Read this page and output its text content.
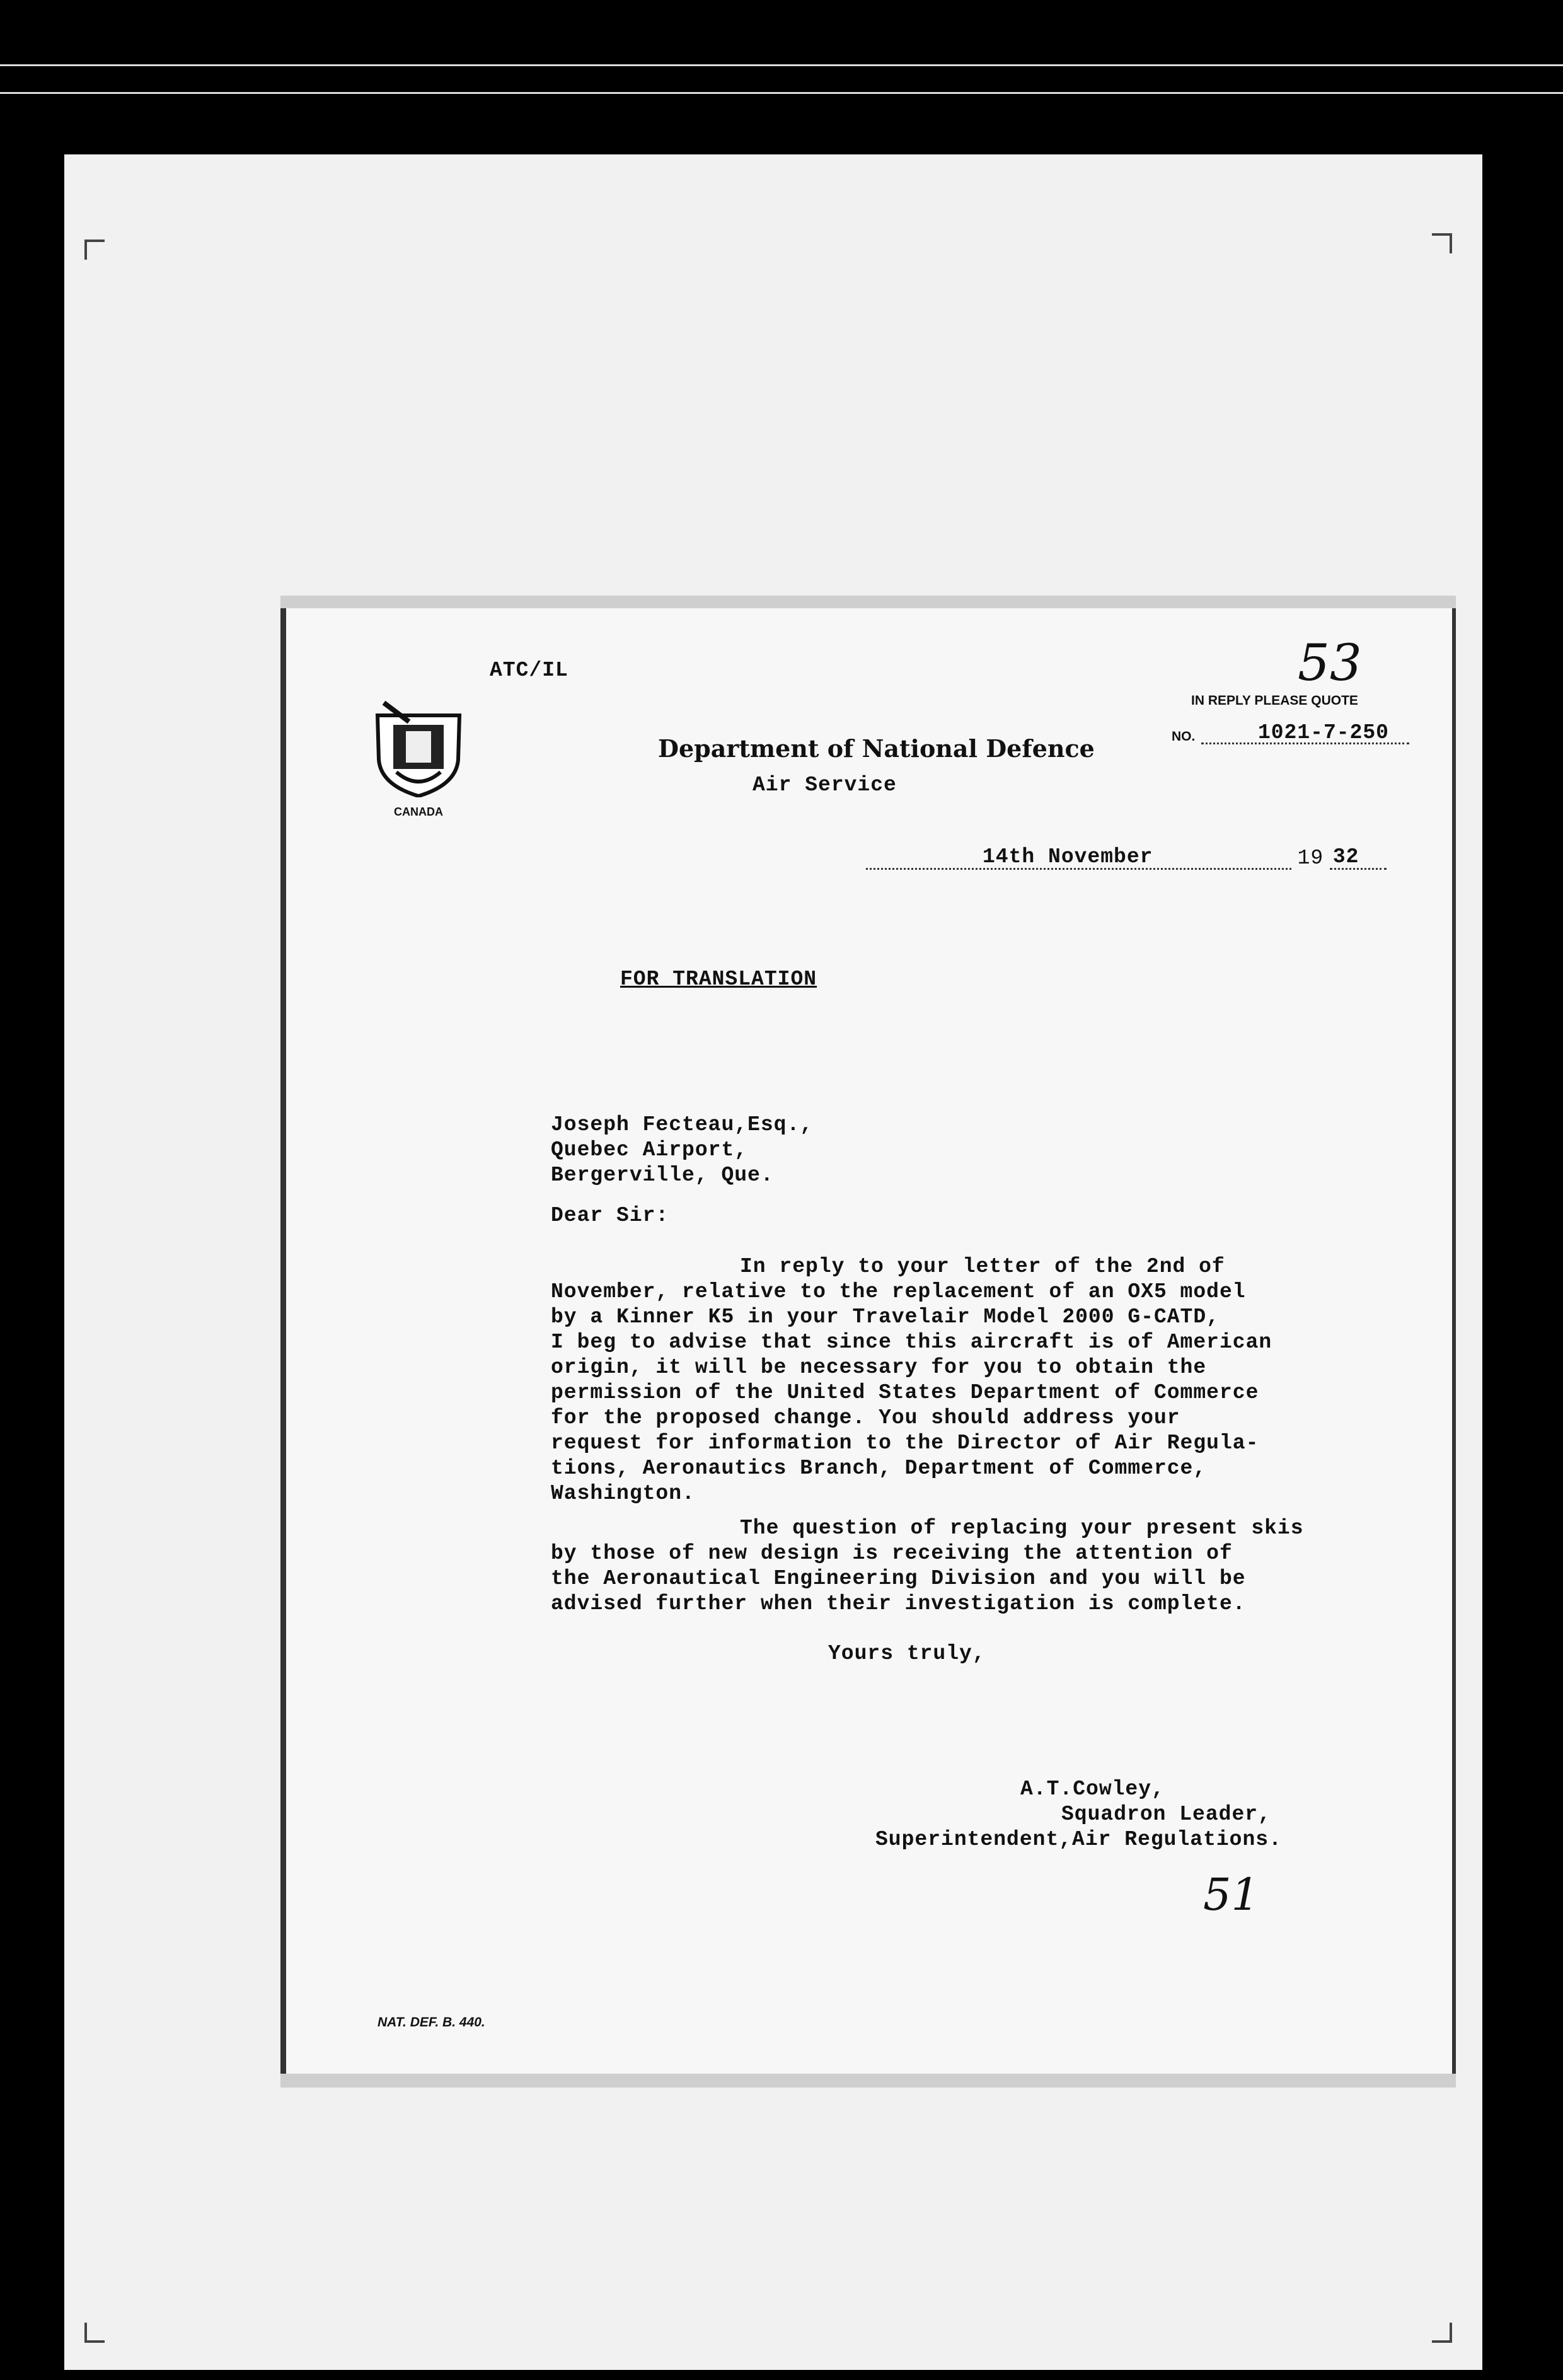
ATC/IL
CANADA
53
IN REPLY PLEASE QUOTE
NO.	1021-7-250
Department of National Defence
Air Service
14th November	19 32
FOR TRANSLATION
Joseph Fecteau,Esq.,
Quebec Airport,
Bergerville, Que.
Dear Sir:
In reply to your letter of the 2nd of
November, relative to the replacement of an OX5 model
by a Kinner K5 in your Travelair Model 2000 G-CATD,
I beg to advise that since this aircraft is of American
origin, it will be necessary for you to obtain the
permission of the United States Department of Commerce
for the proposed change. You should address your
request for information to the Director of Air Regula-
tions, Aeronautics Branch, Department of Commerce,
Washington.
The question of replacing your present skis
by those of new design is receiving the attention of
the Aeronautical Engineering Division and you will be
advised further when their investigation is complete.
Yours truly,
A.T.Cowley,
Squadron Leader,
Superintendent,Air Regulations.
51
NAT. DEF. B. 440.
